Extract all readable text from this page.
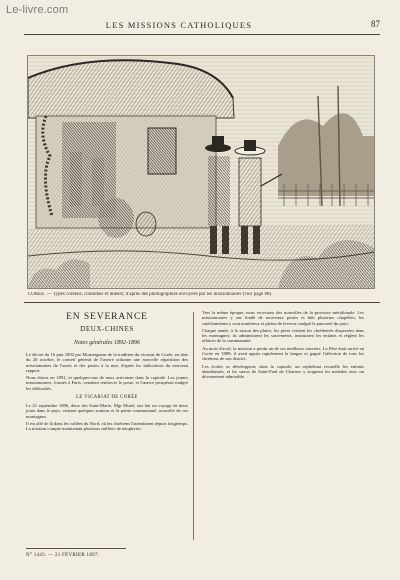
Le-livre.com
LES MISSIONS CATHOLIQUES	87
CORÉE. — Types coréens; coutumes et mœurs; d'après des photographies envoyées par les missionnaires (voir page 88).
EN SEVERANCE
DEUX-CHINES
Notes générales 1892-1896

Le décret du 16 juin 1892 par Monseigneur de la tradition du vicariat de Corée, en date du 20 octobre, le conseil général de l'œuvre ordonne une nouvelle répartition des missionnaires de l'ouest et des postes à la mer, d'après les indications du nouveau rapport.

Nous étions en 1892, et quelques-uns de nous arrivaient dans la capitale. Les jeunes missionnaires, formés à Paris, venaient renforcer le poste, et l'œuvre prospérait malgré les difficultés.

LE VICARIAT DE CORÉE

Le 21 septembre 1896, deux des Saint-Marie, Mgr Mutel, ont fait un voyage de deux jours dans le pays, visitant quelques stations et la petite communauté, nouvelle de ces montagnes.

Il est allé de là dans les vallées du Nord, où les chrétiens l'attendaient depuis longtemps. La mission compte maintenant plusieurs milliers de néophytes.

Vers la même époque, nous recevions des nouvelles de la province méridionale. Les missionnaires y ont fondé de nouveaux postes et bâti plusieurs chapelles; les catéchumènes y sont nombreux et pleins de ferveur, malgré la pauvreté du pays.

Chaque année, à la saison des pluies, les pères visitent les chrétientés dispersées dans les montagnes; ils administrent les sacrements, instruisent les enfants et règlent les affaires de la communauté.

Au mois d'avril, la mission a perdu un de ses meilleurs ouvriers. Le Père était arrivé en Corée en 1889; il avait appris rapidement la langue et gagné l'affection de tous les chrétiens de son district.

Les écoles se développent; dans la capitale, un orphelinat recueille les enfants abandonnés, et les sœurs de Saint-Paul de Chartres y soignent les malades avec un dévouement admirable.

N° 1443. — 21 FÉVRIER 1897.
